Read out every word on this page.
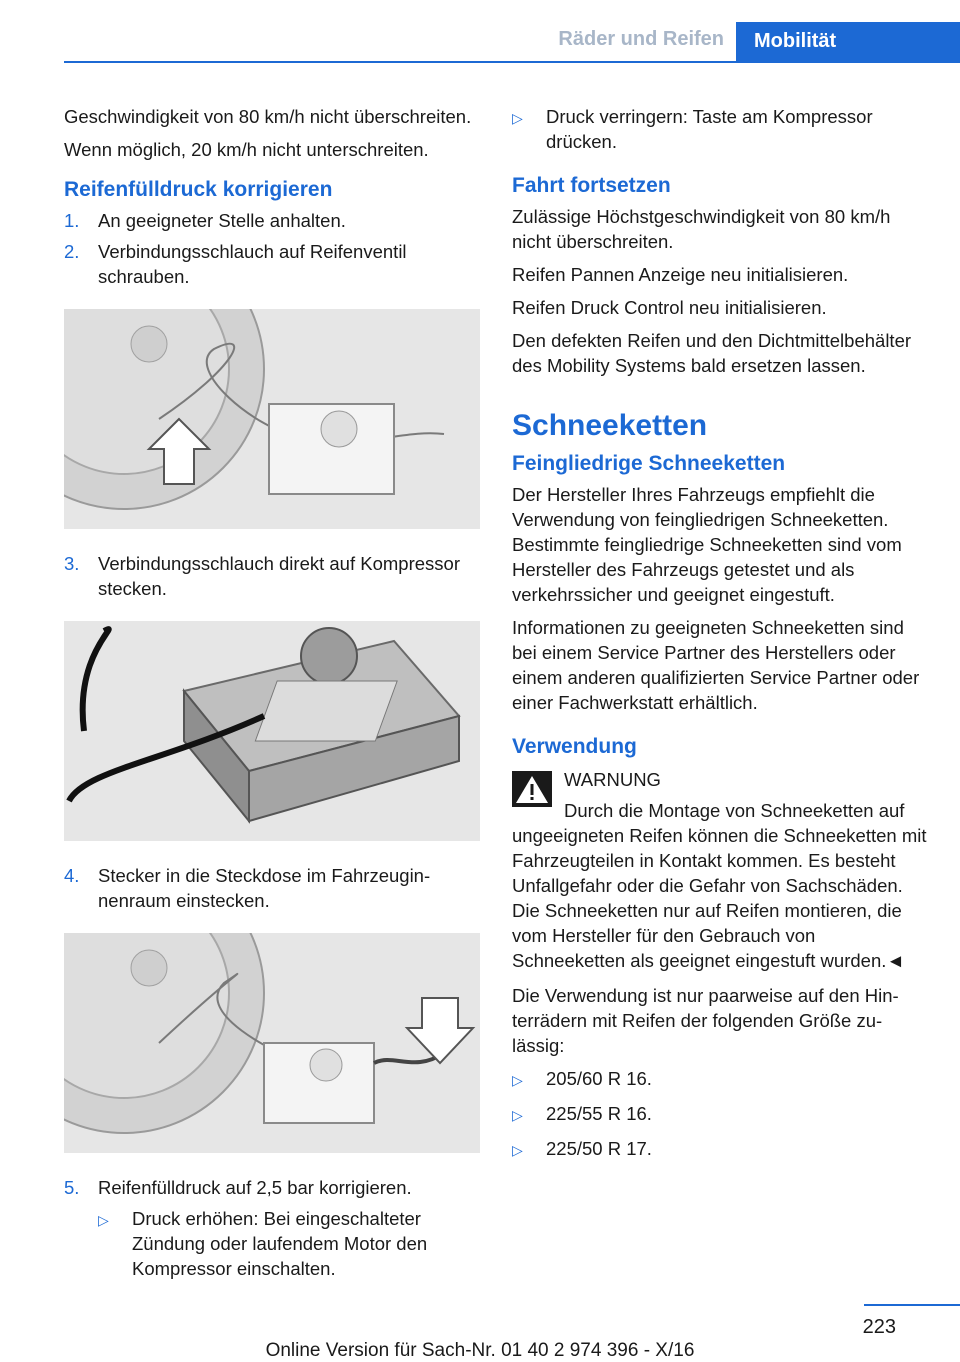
Räder und Reifen	Mobilität

Geschwindigkeit von 80 km/h nicht überschreiten.

Wenn möglich, 20 km/h nicht unterschreiten.

Reifenfülldruck korrigieren
1.	An geeigneter Stelle anhalten.
2.	Verbindungsschlauch auf Reifenventil schrauben.
3.	Verbindungsschlauch direkt auf Kompressor stecken.
4.	Stecker in die Steckdose im Fahrzeuginnenraum einstecken.
5.	Reifenfülldruck auf 2,5 bar korrigieren.
▷	Druck erhöhen: Bei eingeschalteter Zündung oder laufendem Motor den Kompressor einschalten.
▷	Druck verringern: Taste am Kompressor drücken.
Fahrt fortsetzen

Zulässige Höchstgeschwindigkeit von 80 km/h nicht überschreiten.

Reifen Pannen Anzeige neu initialisieren.

Reifen Druck Control neu initialisieren.

Den defekten Reifen und den Dichtmittelbehälter des Mobility Systems bald ersetzen lassen.

Schneeketten
Feingliedrige Schneeketten

Der Hersteller Ihres Fahrzeugs empfiehlt die Verwendung von feingliedrigen Schneeketten. Bestimmte feingliedrige Schneeketten sind vom Hersteller des Fahrzeugs getestet und als verkehrssicher und geeignet eingestuft.

Informationen zu geeigneten Schneeketten sind bei einem Service Partner des Herstellers oder einem anderen qualifizierten Service Partner oder einer Fachwerkstatt erhältlich.

Verwendung
WARNUNG

Durch die Montage von Schneeketten auf ungeeigneten Reifen können die Schneeketten mit Fahrzeugteilen in Kontakt kommen. Es besteht Unfallgefahr oder die Gefahr von Sachschäden. Die Schneeketten nur auf Reifen montieren, die vom Hersteller für den Gebrauch von Schneeketten als geeignet eingestuft wurden.◄

Die Verwendung ist nur paarweise auf den Hinterrädern mit Reifen der folgenden Größe zulässig:

▷	205/60 R 16.
▷	225/55 R 16.
▷	225/50 R 17.
223
Online Version für Sach-Nr. 01 40 2 974 396 - X/16
